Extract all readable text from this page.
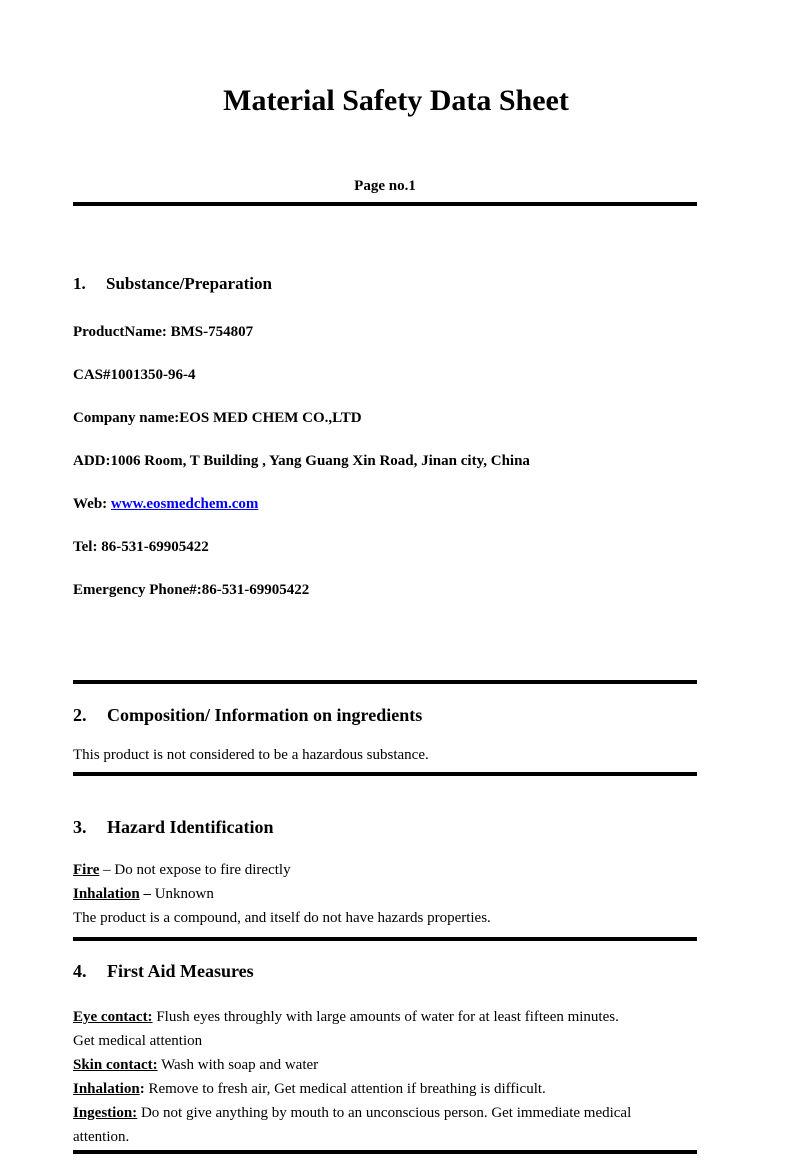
Material Safety Data Sheet
Page no.1
1. Substance/Preparation
ProductName: BMS-754807
CAS#1001350-96-4
Company name:EOS MED CHEM CO.,LTD
ADD:1006 Room, T Building , Yang Guang Xin Road, Jinan city, China
Web: www.eosmedchem.com
Tel: 86-531-69905422
Emergency Phone#:86-531-69905422
2. Composition/ Information on ingredients
This product is not considered to be a hazardous substance.
3. Hazard Identification
Fire – Do not expose to fire directly
Inhalation – Unknown
The product is a compound, and itself do not have hazards properties.
4. First Aid Measures
Eye contact: Flush eyes throughly with large amounts of water for at least fifteen minutes.
Get medical attention
Skin contact: Wash with soap and water
Inhalation: Remove to fresh air, Get medical attention if breathing is difficult.
Ingestion: Do not give anything by mouth to an unconscious person. Get immediate medical
attention.
